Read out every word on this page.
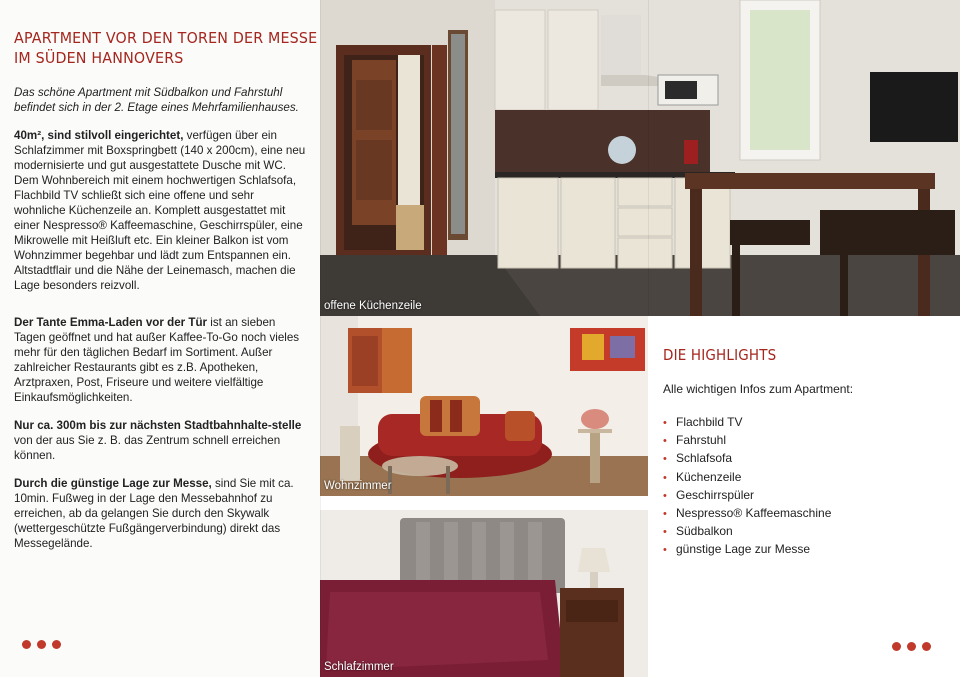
APARTMENT VOR DEN TOREN DER MESSE
IM SÜDEN HANNOVERS

Das schöne Apartment mit Südbalkon und Fahrstuhl befindet sich in der 2. Etage eines Mehrfamilienhauses.

40m², sind stilvoll eingerichtet, verfügen über ein Schlafzimmer mit Boxspringbett (140 x 200cm), eine neu modernisierte und gut ausgestattete Dusche mit WC. Dem Wohnbereich mit einem hochwertigen Schlafsofa, Flachbild TV schließt sich eine offene und sehr wohnliche Küchenzeile an. Komplett ausgestattet mit einer Nespresso® Kaffeemaschine, Geschirrspüler, eine Mikrowelle mit Heißluft etc. Ein kleiner Balkon ist vom Wohnzimmer begehbar und lädt zum Entspannen ein. Altstadtflair und die Nähe der Leinemasch, machen die Lage besonders reizvoll.

Der Tante Emma-Laden vor der Tür ist an sieben Tagen geöffnet und hat außer Kaffee-To-Go noch vieles mehr für den täglichen Bedarf im Sortiment. Außer zahlreicher Restaurants gibt es z.B. Apotheken, Arztpraxen, Post, Friseure und weitere vielfältige Einkaufsmöglichkeiten.

Nur ca. 300m bis zur nächsten Stadtbahnhalte-stelle von der aus Sie z. B. das Zentrum schnell erreichen können.

Durch die günstige Lage zur Messe, sind Sie mit ca. 10min. Fußweg in der Lage den Messebahnhof zu erreichen, ab da gelangen Sie durch den Skywalk (wettergeschützte Fußgängerverbindung) direkt das Messegelände.

offene Küchenzeile
Wohnzimmer
Schlafzimmer
DIE HIGHLIGHTS
Alle wichtigen Infos zum Apartment:
• Flachbild TV
• Fahrstuhl
• Schlafsofa
• Küchenzeile
• Geschirrspüler
• Nespresso® Kaffeemaschine
• Südbalkon
• günstige Lage zur Messe
